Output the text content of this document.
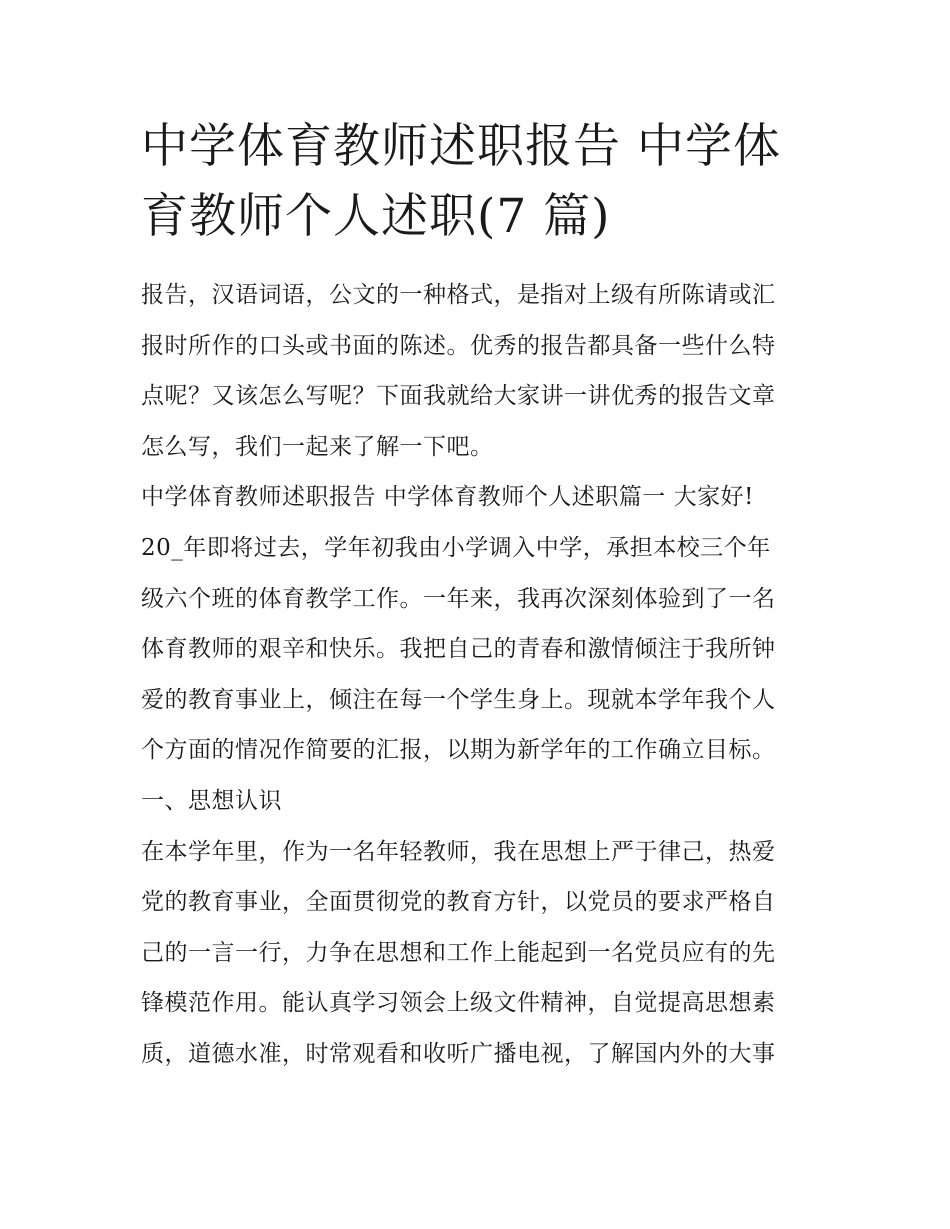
中学体育教师述职报告 中学体
育教师个人述职(7 篇)
报告，汉语词语，公文的一种格式，是指对上级有所陈请或汇
报时所作的口头或书面的陈述。优秀的报告都具备一些什么特
点呢？又该怎么写呢？下面我就给大家讲一讲优秀的报告文章
怎么写，我们一起来了解一下吧。
中学体育教师述职报告 中学体育教师个人述职篇一 大家好!
20_年即将过去，学年初我由小学调入中学，承担本校三个年
级六个班的体育教学工作。一年来，我再次深刻体验到了一名
体育教师的艰辛和快乐。我把自己的青春和激情倾注于我所钟
爱的教育事业上，倾注在每一个学生身上。现就本学年我个人
个方面的情况作简要的汇报，以期为新学年的工作确立目标。
一、思想认识
在本学年里，作为一名年轻教师，我在思想上严于律己，热爱
党的教育事业，全面贯彻党的教育方针，以党员的要求严格自
己的一言一行，力争在思想和工作上能起到一名党员应有的先
锋模范作用。能认真学习领会上级文件精神，自觉提高思想素
质，道德水准，时常观看和收听广播电视，了解国内外的大事
